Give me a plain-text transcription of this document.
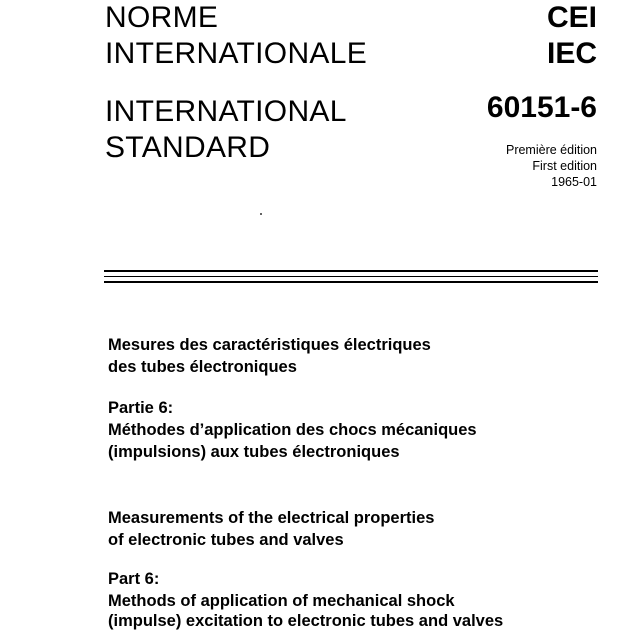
NORME
INTERNATIONALE
INTERNATIONAL
STANDARD
CEI
IEC
60151-6
Première édition
First edition
1965-01
Mesures des caractéristiques électriques
des tubes électroniques
Partie 6:
Méthodes d’application des chocs mécaniques
(impulsions) aux tubes électroniques
Measurements of the electrical properties
of electronic tubes and valves
Part 6:
Methods of application of mechanical shock
(impulse) excitation to electronic tubes and valves
